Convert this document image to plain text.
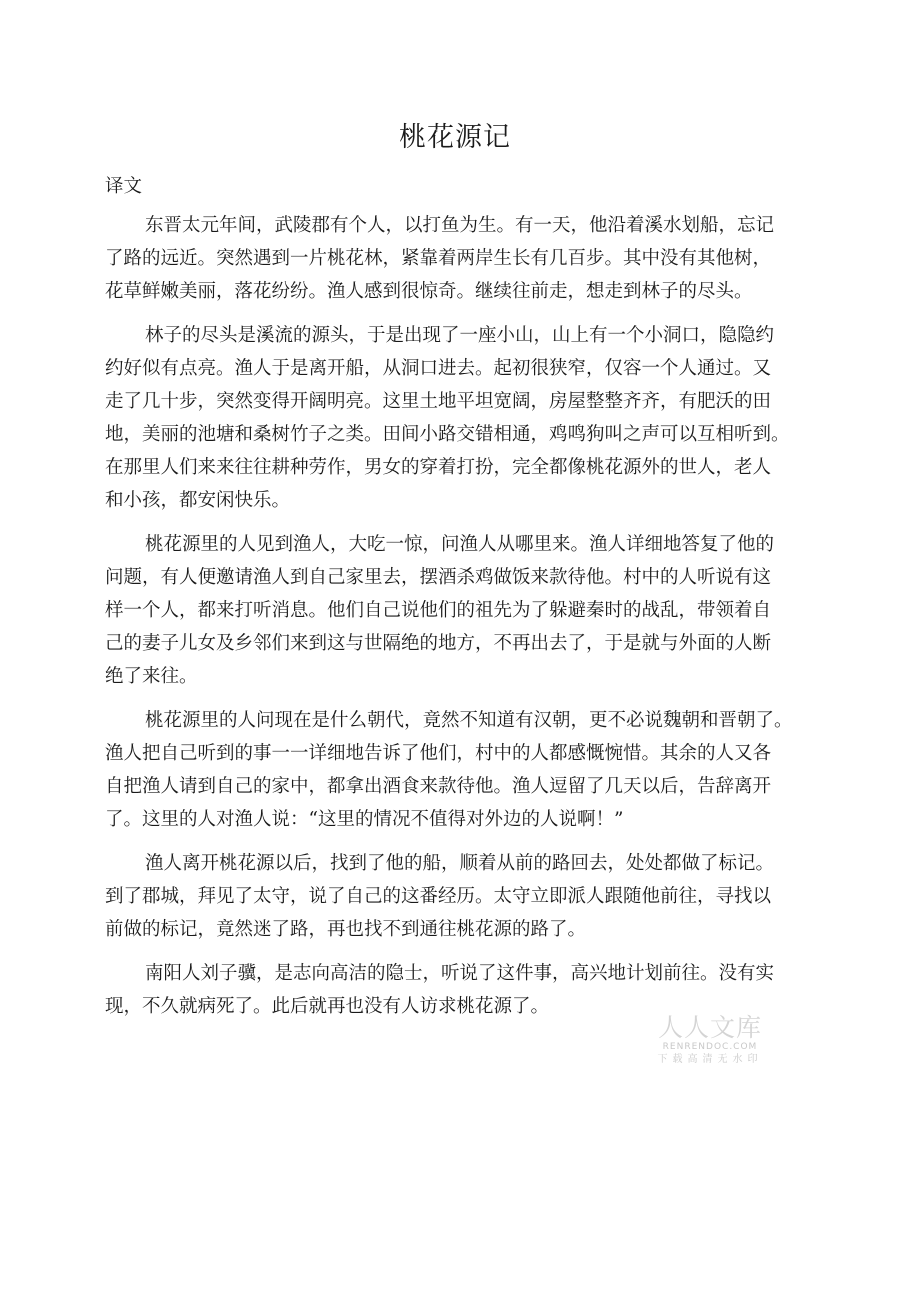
桃花源记

译文

东晋太元年间，武陵郡有个人，以打鱼为生。有一天，他沿着溪水划船，忘记
了路的远近。突然遇到一片桃花林，紧靠着两岸生长有几百步。其中没有其他树，
花草鲜嫩美丽，落花纷纷。渔人感到很惊奇。继续往前走，想走到林子的尽头。
林子的尽头是溪流的源头，于是出现了一座小山，山上有一个小洞口，隐隐约
约好似有点亮。渔人于是离开船，从洞口进去。起初很狭窄，仅容一个人通过。又
走了几十步，突然变得开阔明亮。这里土地平坦宽阔，房屋整整齐齐，有肥沃的田
地，美丽的池塘和桑树竹子之类。田间小路交错相通，鸡鸣狗叫之声可以互相听到。
在那里人们来来往往耕种劳作，男女的穿着打扮，完全都像桃花源外的世人，老人
和小孩，都安闲快乐。
桃花源里的人见到渔人，大吃一惊，问渔人从哪里来。渔人详细地答复了他的
问题，有人便邀请渔人到自己家里去，摆酒杀鸡做饭来款待他。村中的人听说有这
样一个人，都来打听消息。他们自己说他们的祖先为了躲避秦时的战乱，带领着自
己的妻子儿女及乡邻们来到这与世隔绝的地方，不再出去了，于是就与外面的人断
绝了来往。
桃花源里的人问现在是什么朝代，竟然不知道有汉朝，更不必说魏朝和晋朝了。
渔人把自己听到的事一一详细地告诉了他们，村中的人都感慨惋惜。其余的人又各
自把渔人请到自己的家中，都拿出酒食来款待他。渔人逗留了几天以后，告辞离开
了。这里的人对渔人说：“这里的情况不值得对外边的人说啊！”
渔人离开桃花源以后，找到了他的船，顺着从前的路回去，处处都做了标记。
到了郡城，拜见了太守，说了自己的这番经历。太守立即派人跟随他前往，寻找以
前做的标记，竟然迷了路，再也找不到通往桃花源的路了。
南阳人刘子骥，是志向高洁的隐士，听说了这件事，高兴地计划前往。没有实
现，不久就病死了。此后就再也没有人访求桃花源了。
人人文库
RENRENDOC.COM
下载高清无水印
